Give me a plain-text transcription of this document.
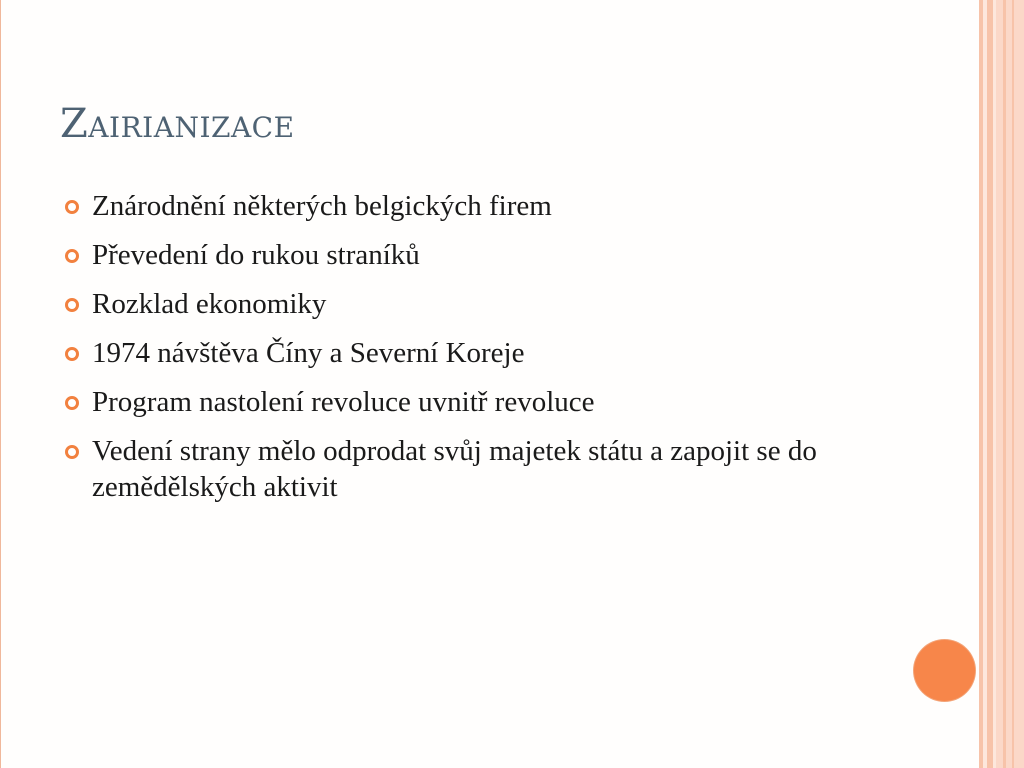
Zairianizace
Znárodnění některých belgických firem
Převedení do rukou straníků
Rozklad ekonomiky
1974 návštěva Číny a Severní Koreje
Program nastolení revoluce uvnitř revoluce
Vedení strany mělo odprodat svůj majetek státu a zapojit se do zemědělských aktivit
